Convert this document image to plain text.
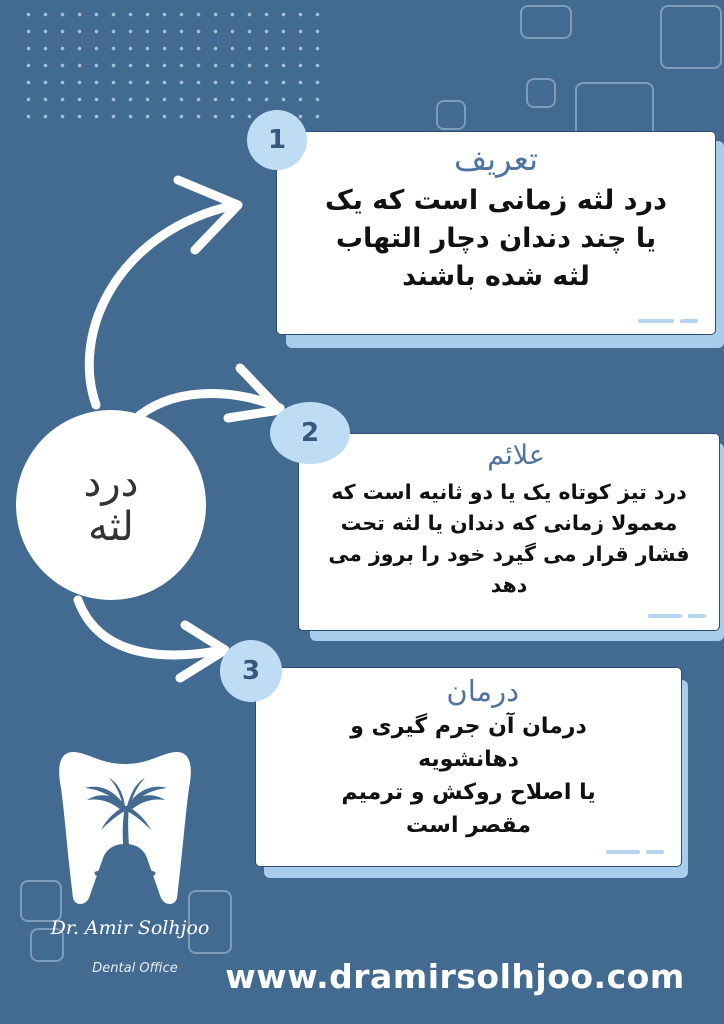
درد
لثه
تعریف
درد لثه زمانی است که یک
یا چند دندان دچار التهاب
لثه شده باشند
1
علائم
درد تیز کوتاه یک یا دو ثانیه است که
معمولا زمانی که دندان یا لثه تحت
فشار قرار می گیرد خود را بروز می
دهد
2
درمان
درمان آن جرم گیری و
دهانشویه
یا اصلاح روکش و ترمیم
مقصر است
3
Dr. Amir Solhjoo
Dental Office	www.dramirsolhjoo.com
